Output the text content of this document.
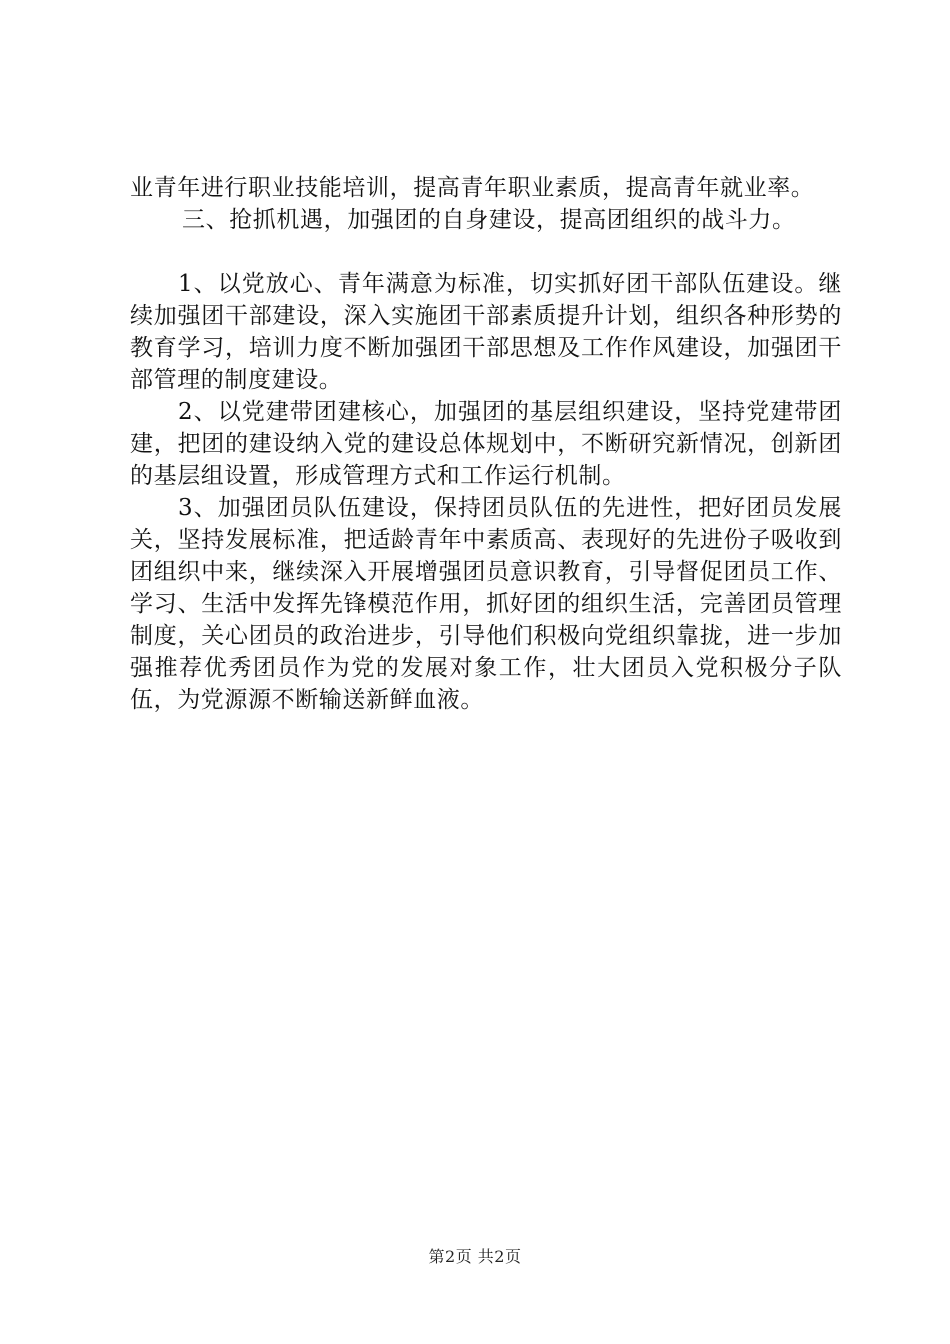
业青年进行职业技能培训，提高青年职业素质，提高青年就业率。

三、抢抓机遇，加强团的自身建设，提高团组织的战斗力。

1、以党放心、青年满意为标准，切实抓好团干部队伍建设。继续加强团干部建设，深入实施团干部素质提升计划，组织各种形势的教育学习，培训力度不断加强团干部思想及工作作风建设，加强团干部管理的制度建设。

2、以党建带团建核心，加强团的基层组织建设，坚持党建带团建，把团的建设纳入党的建设总体规划中，不断研究新情况，创新团的基层组设置，形成管理方式和工作运行机制。

3、加强团员队伍建设，保持团员队伍的先进性，把好团员发展关，坚持发展标准，把适龄青年中素质高、表现好的先进份子吸收到团组织中来，继续深入开展增强团员意识教育，引导督促团员工作、学习、生活中发挥先锋模范作用，抓好团的组织生活，完善团员管理制度，关心团员的政治进步，引导他们积极向党组织靠拢，进一步加强推荐优秀团员作为党的发展对象工作，壮大团员入党积极分子队伍，为党源源不断输送新鲜血液。

第2页 共2页
